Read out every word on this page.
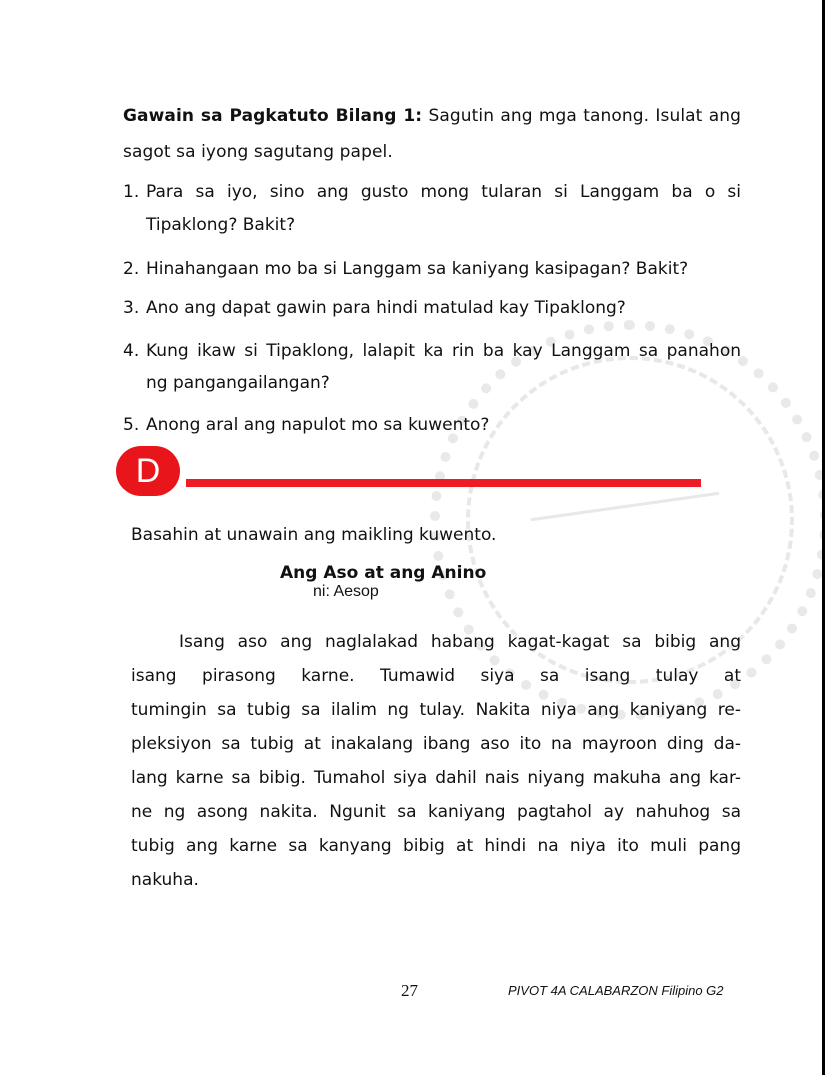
Gawain sa Pagkatuto Bilang 1: Sagutin ang mga tanong. Isulat ang
sagot sa iyong sagutang papel.
1. Para sa iyo, sino ang gusto mong tularan si Langgam ba o si
Tipaklong? Bakit?
2. Hinahangaan mo ba si Langgam sa kaniyang kasipagan? Bakit?
3. Ano ang dapat gawin para hindi matulad kay Tipaklong?
4. Kung ikaw si Tipaklong, lalapit ka rin ba kay Langgam sa panahon
ng pangangailangan?
5. Anong aral ang napulot mo sa kuwento?
D
Basahin at unawain ang maikling kuwento.
Ang Aso at ang Anino
ni: Aesop
Isang aso ang naglalakad habang kagat-kagat sa bibig ang
isang pirasong karne. Tumawid siya sa isang tulay at
tumingin sa tubig sa ilalim ng tulay. Nakita niya ang kaniyang re-
pleksiyon sa tubig at inakalang ibang aso ito na mayroon ding da-
lang karne sa bibig. Tumahol siya dahil nais niyang makuha ang kar-
ne ng asong nakita. Ngunit sa kaniyang pagtahol ay nahuhog sa
tubig ang karne sa kanyang bibig at hindi na niya ito muli pang
nakuha.
27	PIVOT 4A CALABARZON Filipino G2
